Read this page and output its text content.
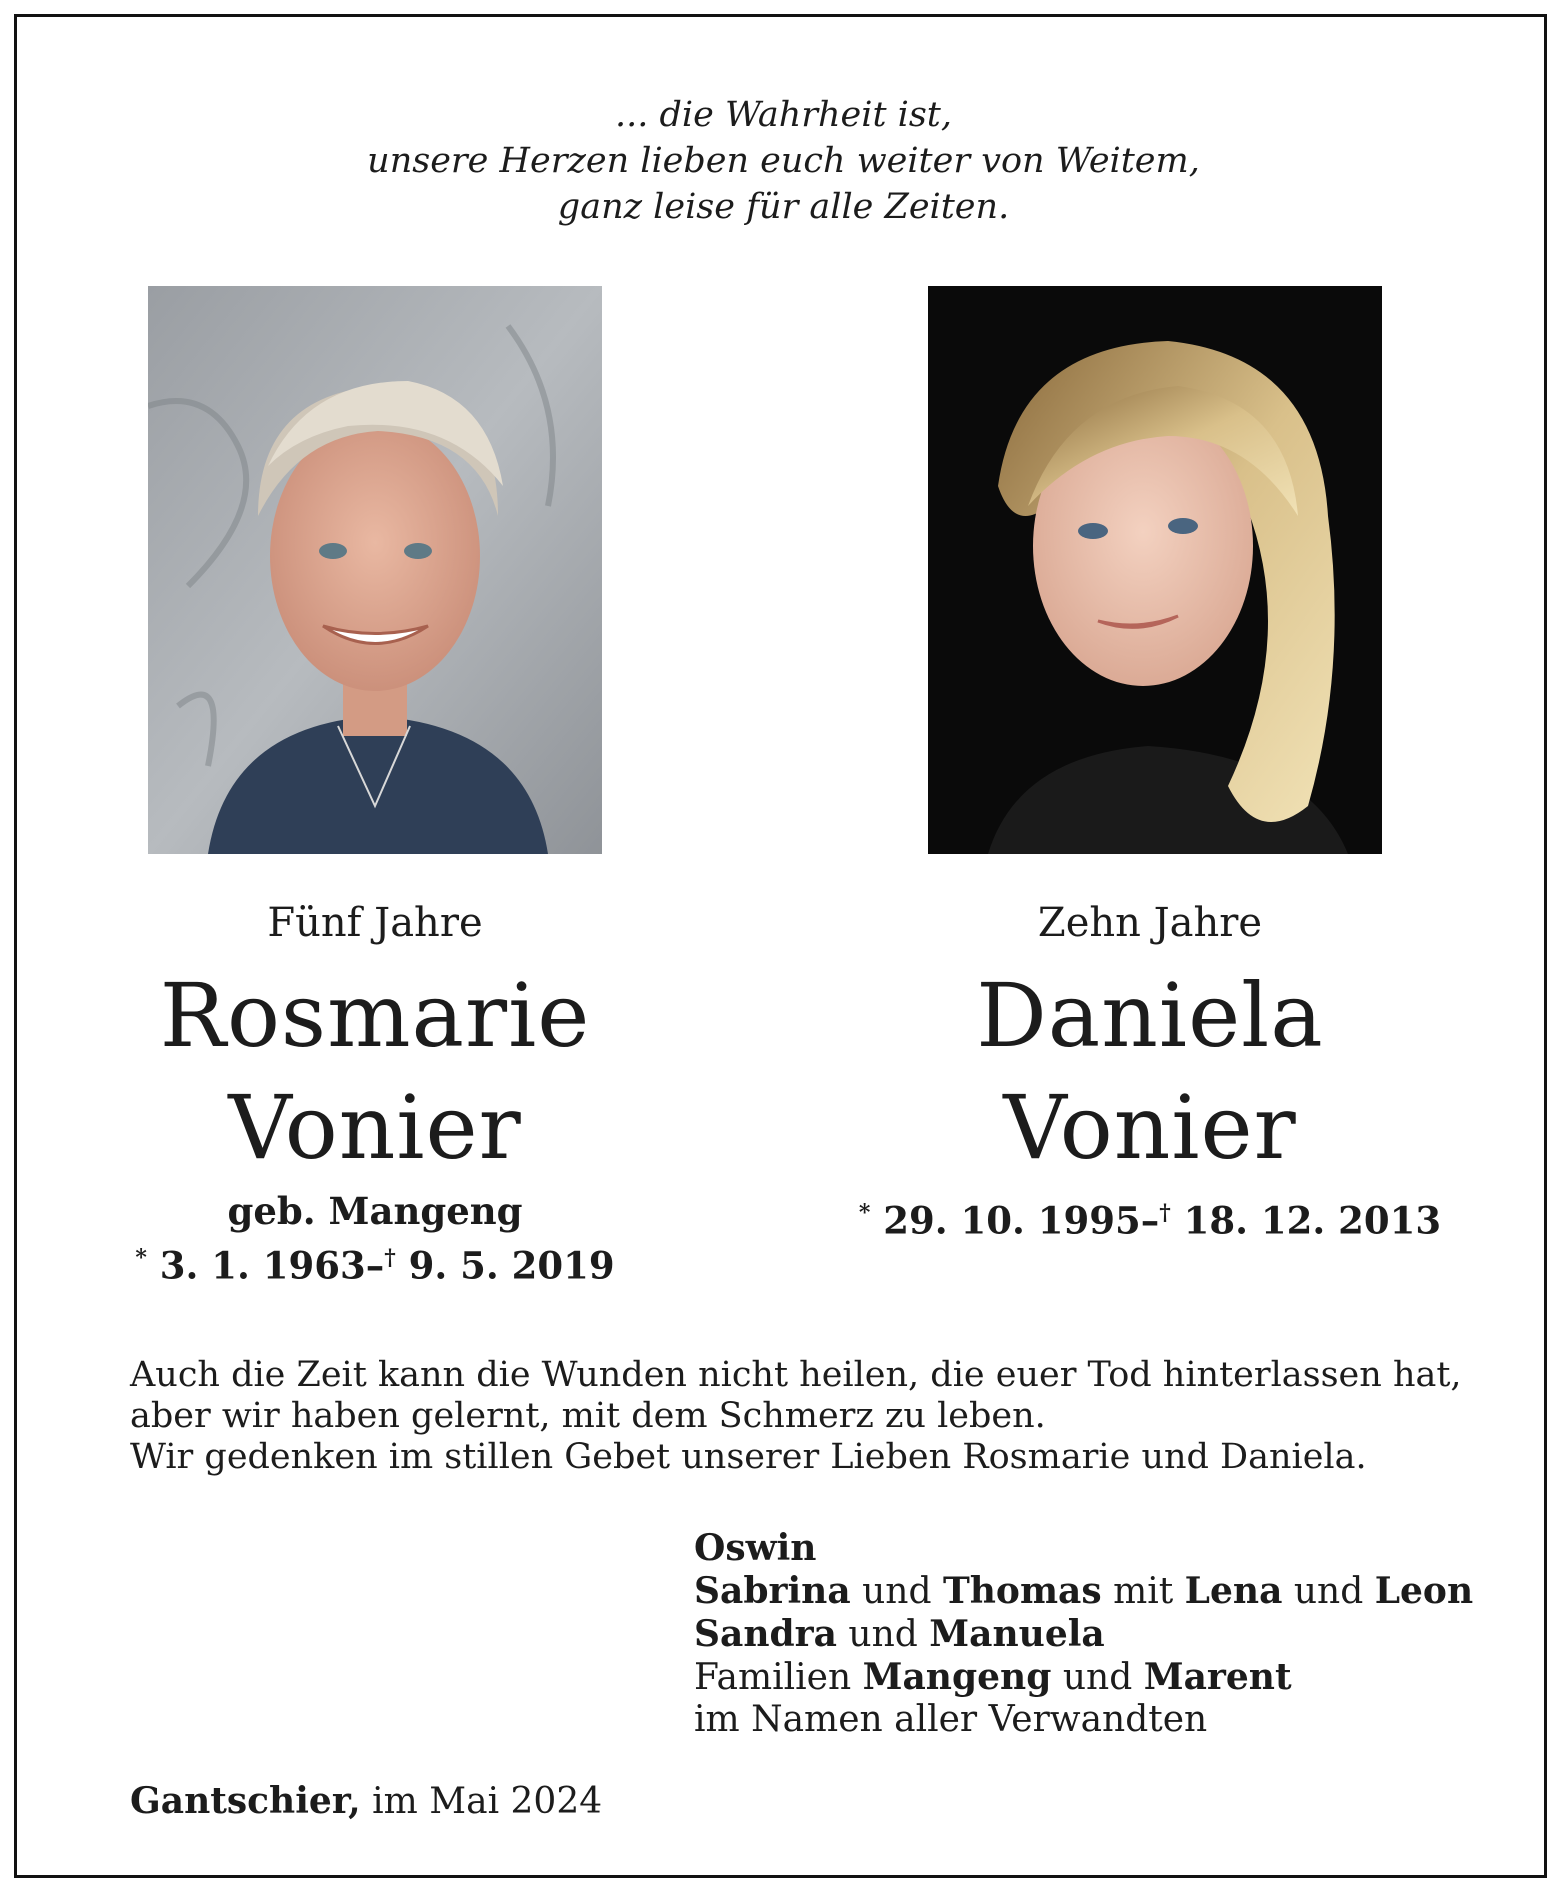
... die Wahrheit ist,
unsere Herzen lieben euch weiter von Weitem,
ganz leise für alle Zeiten.
Fünf Jahre
Rosmarie
Vonier
geb. Mangeng
* 3. 1. 1963–† 9. 5. 2019
Zehn Jahre
Daniela
Vonier
* 29. 10. 1995–† 18. 12. 2013
Auch die Zeit kann die Wunden nicht heilen, die euer Tod hinterlassen hat,
aber wir haben gelernt, mit dem Schmerz zu leben.
Wir gedenken im stillen Gebet unserer Lieben Rosmarie und Daniela.
Oswin
Sabrina und Thomas mit Lena und Leon
Sandra und Manuela
Familien Mangeng und Marent
im Namen aller Verwandten
Gantschier, im Mai 2024
